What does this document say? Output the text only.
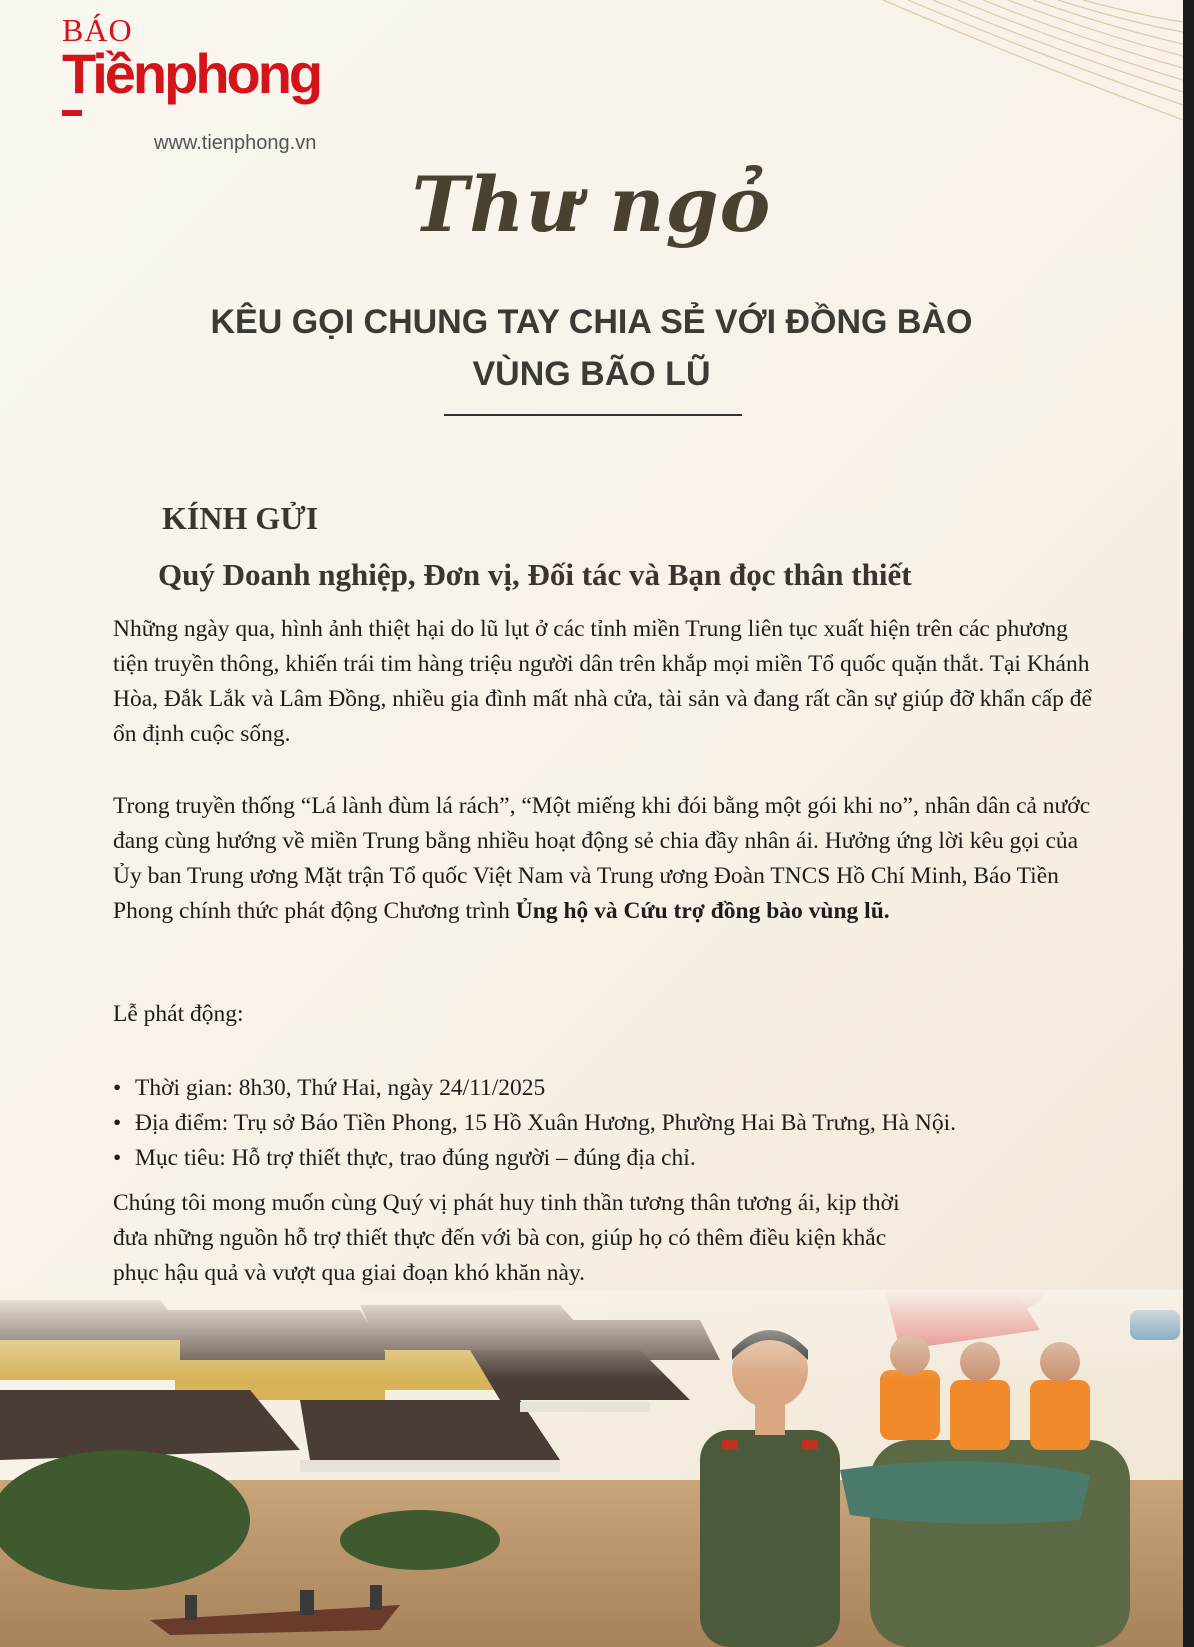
BÁO
Tiềnphong
www.tienphong.vn
Thư ngỏ
KÊU GỌI CHUNG TAY CHIA SẺ VỚI ĐỒNG BÀO
VÙNG BÃO LŨ
KÍNH GỬI
Quý Doanh nghiệp, Đơn vị, Đối tác và Bạn đọc thân thiết
Những ngày qua, hình ảnh thiệt hại do lũ lụt ở các tỉnh miền Trung liên tục xuất hiện trên các phương tiện truyền thông, khiến trái tim hàng triệu người dân trên khắp mọi miền Tổ quốc quặn thắt. Tại Khánh Hòa, Đắk Lắk và Lâm Đồng, nhiều gia đình mất nhà cửa, tài sản và đang rất cần sự giúp đỡ khẩn cấp để ổn định cuộc sống.
Trong truyền thống “Lá lành đùm lá rách”, “Một miếng khi đói bằng một gói khi no”, nhân dân cả nước đang cùng hướng về miền Trung bằng nhiều hoạt động sẻ chia đầy nhân ái. Hưởng ứng lời kêu gọi của Ủy ban Trung ương Mặt trận Tổ quốc Việt Nam và Trung ương Đoàn TNCS Hồ Chí Minh, Báo Tiền Phong chính thức phát động Chương trình Ủng hộ và Cứu trợ đồng bào vùng lũ.
Lễ phát động:
• Thời gian: 8h30, Thứ Hai, ngày 24/11/2025
• Địa điểm: Trụ sở Báo Tiền Phong, 15 Hồ Xuân Hương, Phường Hai Bà Trưng, Hà Nội.
• Mục tiêu: Hỗ trợ thiết thực, trao đúng người – đúng địa chỉ.
Chúng tôi mong muốn cùng Quý vị phát huy tinh thần tương thân tương ái, kịp thời đưa những nguồn hỗ trợ thiết thực đến với bà con, giúp họ có thêm điều kiện khắc phục hậu quả và vượt qua giai đoạn khó khăn này.
